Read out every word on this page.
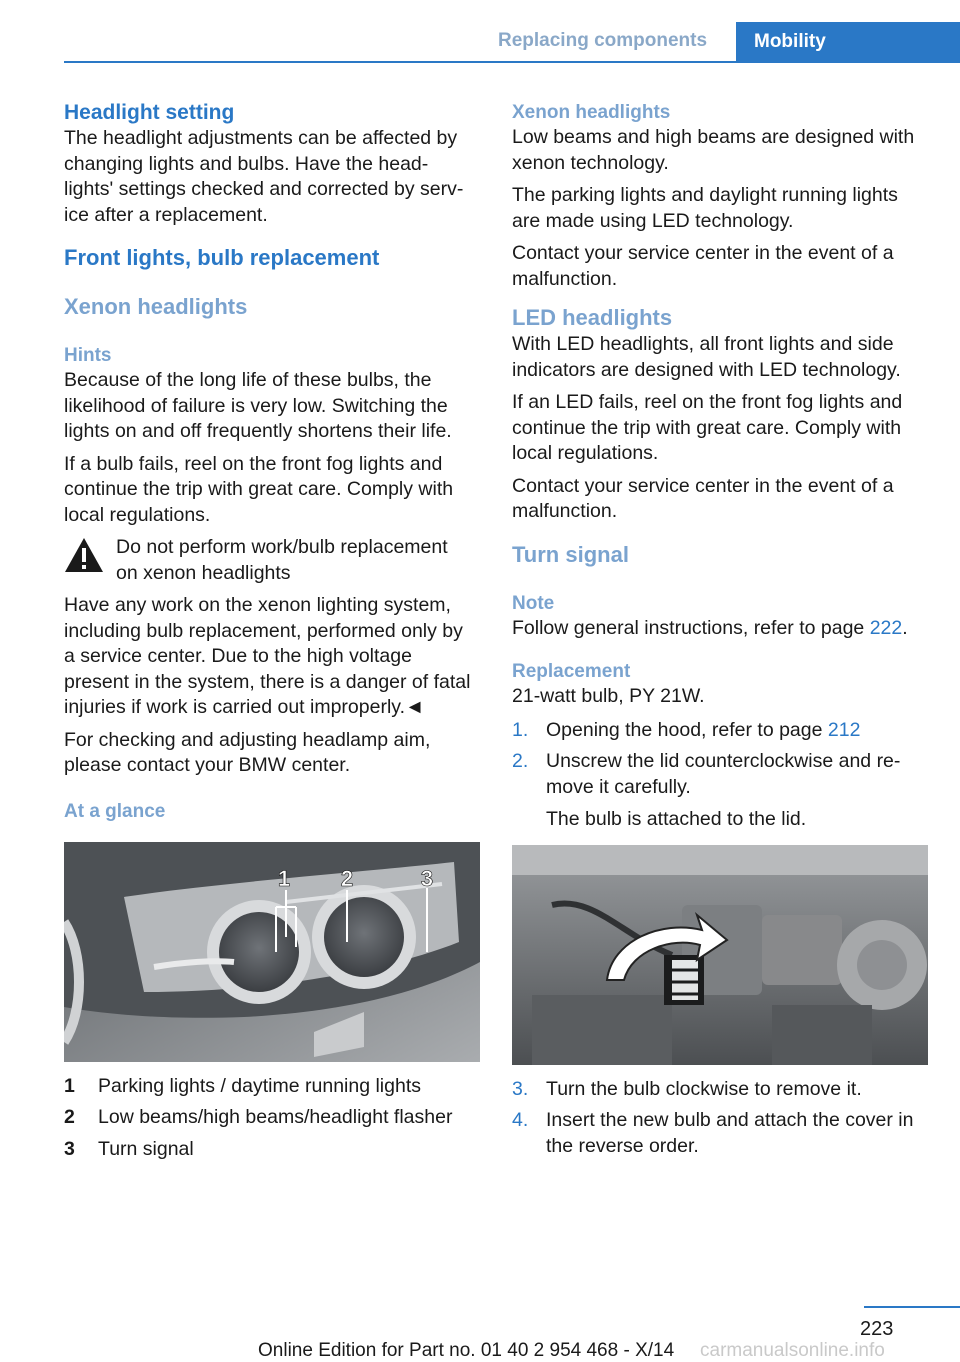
Replacing components	Mobility
Headlight setting
The headlight adjustments can be affected by
changing lights and bulbs. Have the head‐
lights' settings checked and corrected by serv‐
ice after a replacement.
Front lights, bulb replacement
Xenon headlights
Hints
Because of the long life of these bulbs, the
likelihood of failure is very low. Switching the
lights on and off frequently shortens their life.
If a bulb fails, reel on the front fog lights and
continue the trip with great care. Comply with
local regulations.
Do not perform work/bulb replacement
on xenon headlights
Have any work on the xenon lighting system,
including bulb replacement, performed only by
a service center. Due to the high voltage
present in the system, there is a danger of fatal
injuries if work is carried out improperly.◄
For checking and adjusting headlamp aim,
please contact your BMW center.
At a glance
1 2	3
1	Parking lights / daytime running lights
2	Low beams/high beams/headlight flasher
3	Turn signal
Xenon headlights
Low beams and high beams are designed with
xenon technology.
The parking lights and daylight running lights
are made using LED technology.
Contact your service center in the event of a
malfunction.
LED headlights
With LED headlights, all front lights and side
indicators are designed with LED technology.
If an LED fails, reel on the front fog lights and
continue the trip with great care. Comply with
local regulations.
Contact your service center in the event of a
malfunction.
Turn signal
Note
Follow general instructions, refer to page 222.
Replacement
21-watt bulb, PY 21W.
1. Opening the hood, refer to page 212
2. Unscrew the lid counterclockwise and re‐
move it carefully.
The bulb is attached to the lid.
3. Turn the bulb clockwise to remove it.
4. Insert the new bulb and attach the cover in
the reverse order.
223
Online Edition for Part no. 01 40 2 954 468 - X/14 carmanualsonline.info
